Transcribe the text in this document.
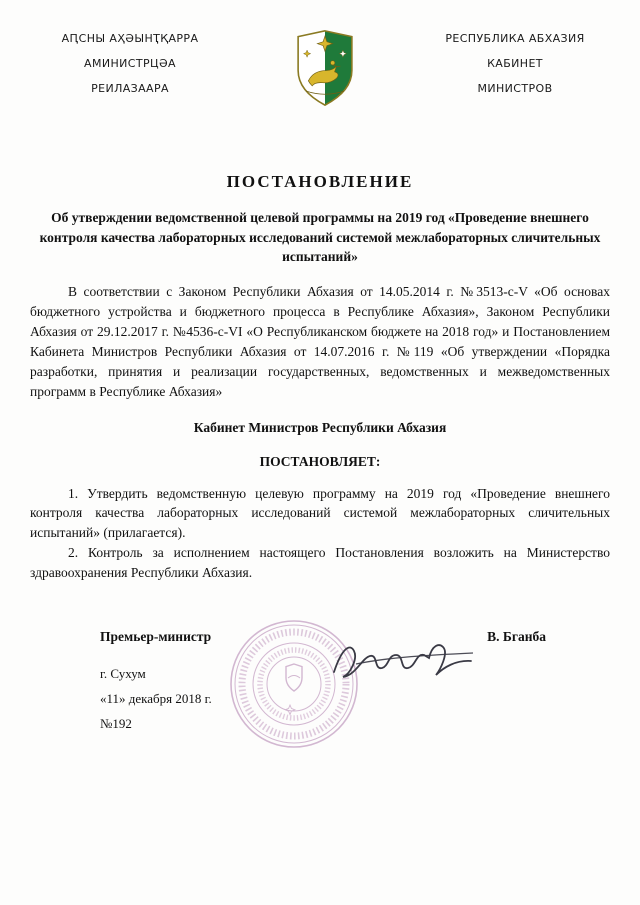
АԤСНЫ АҲӘЫНҬҚАРРА
АМИНИСТРЦӘА
РЕИЛАЗААРА
РЕСПУБЛИКА АБХАЗИЯ
КАБИНЕТ
МИНИСТРОВ
ПОСТАНОВЛЕНИЕ
Об утверждении ведомственной целевой программы на 2019 год «Проведение внешнего контроля качества лабораторных исследований системой межлабораторных сличительных испытаний»

В соответствии с Законом Республики Абхазия от 14.05.2014 г. №3513-с-V «Об основах бюджетного устройства и бюджетного процесса в Республике Абхазия», Законом Республики Абхазия от 29.12.2017 г. №4536-с-VI «О Республиканском бюджете на 2018 год» и Постановлением Кабинета Министров Республики Абхазия от 14.07.2016 г. №119 «Об утверждении «Порядка разработки, принятия и реализации государственных, ведомственных и межведомственных программ в Республике Абхазия»

Кабинет Министров Республики Абхазия

ПОСТАНОВЛЯЕТ:

1. Утвердить ведомственную целевую программу на 2019 год «Проведение внешнего контроля качества лабораторных исследований системой межлабораторных сличительных испытаний» (прилагается).

2. Контроль за исполнением настоящего Постановления возложить на Министерство здравоохранения Республики Абхазия.

Премьер-министр	В. Бганба
г. Сухум
«11» декабря 2018 г.
№192
